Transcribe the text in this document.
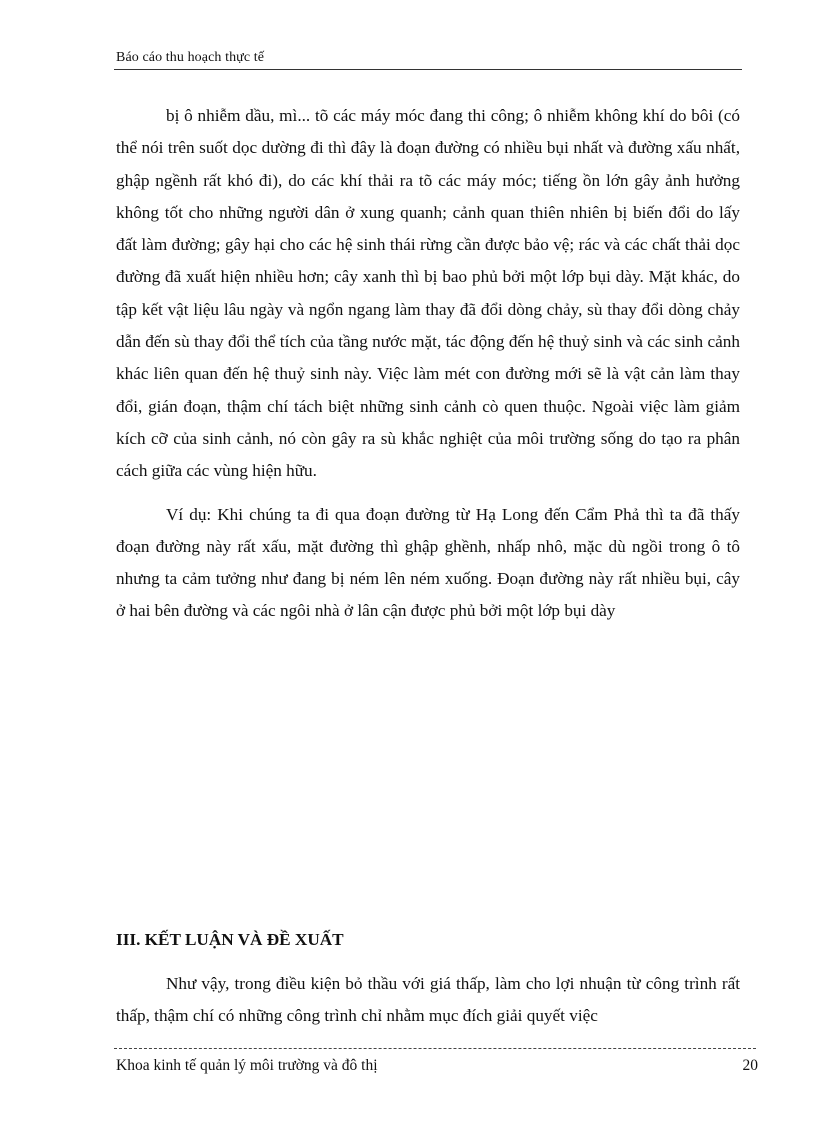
Báo cáo thu hoạch thực tế

bị ô nhiễm dầu, mì... tõ các máy móc đang thi công; ô nhiễm không khí do bôi (có thể nói trên suốt dọc dường đi thì đây là đoạn đường có nhiều bụi nhất và đường xấu nhất, ghập ngềnh rất khó đi), do các khí thải ra tõ các máy móc; tiếng ồn lớn gây ảnh hưởng không tốt cho những người dân ở xung quanh; cảnh quan thiên nhiên bị biến đổi do lấy đất làm đường; gây hại cho các hệ sinh thái rừng cần được bảo vệ; rác và các chất thải dọc đường đã xuất hiện nhiều hơn; cây xanh thì bị bao phủ bởi một lớp bụi dày. Mặt khác, do tập kết vật liệu lâu ngày và ngổn ngang làm thay đã đổi dòng chảy, sù thay đổi dòng chảy dẫn đến sù thay đổi thể tích của tầng nước mặt, tác động đến hệ thuỷ sinh và các sinh cảnh khác liên quan đến hệ thuỷ sinh này. Việc làm mét con đường mới sẽ là vật cản làm thay đổi, gián đoạn, thậm chí tách biệt những sinh cảnh cò quen thuộc. Ngoài việc làm giảm kích cỡ của sinh cảnh, nó còn gây ra sù khắc nghiệt của môi trường sống do tạo ra phân cách giữa các vùng hiện hữu.

Ví dụ: Khi chúng ta đi qua đoạn đường từ Hạ Long đến Cẩm Phả thì ta đã thấy đoạn đường này rất xấu, mặt đường thì ghập ghềnh, nhấp nhô, mặc dù ngồi trong ô tô nhưng ta cảm tưởng như đang bị ném lên ném xuống. Đoạn đường này rất nhiều bụi, cây ở hai bên đường và các ngôi nhà ở lân cận được phủ bởi một lớp bụi dày

III. KẾT LUẬN VÀ ĐỀ XUẤT

Như vậy, trong điều kiện bỏ thầu với giá thấp, làm cho lợi nhuận từ công trình rất thấp, thậm chí có những công trình chỉ nhằm mục đích giải quyết việc

Khoa kinh tế quản lý môi trường và đô thị	20
